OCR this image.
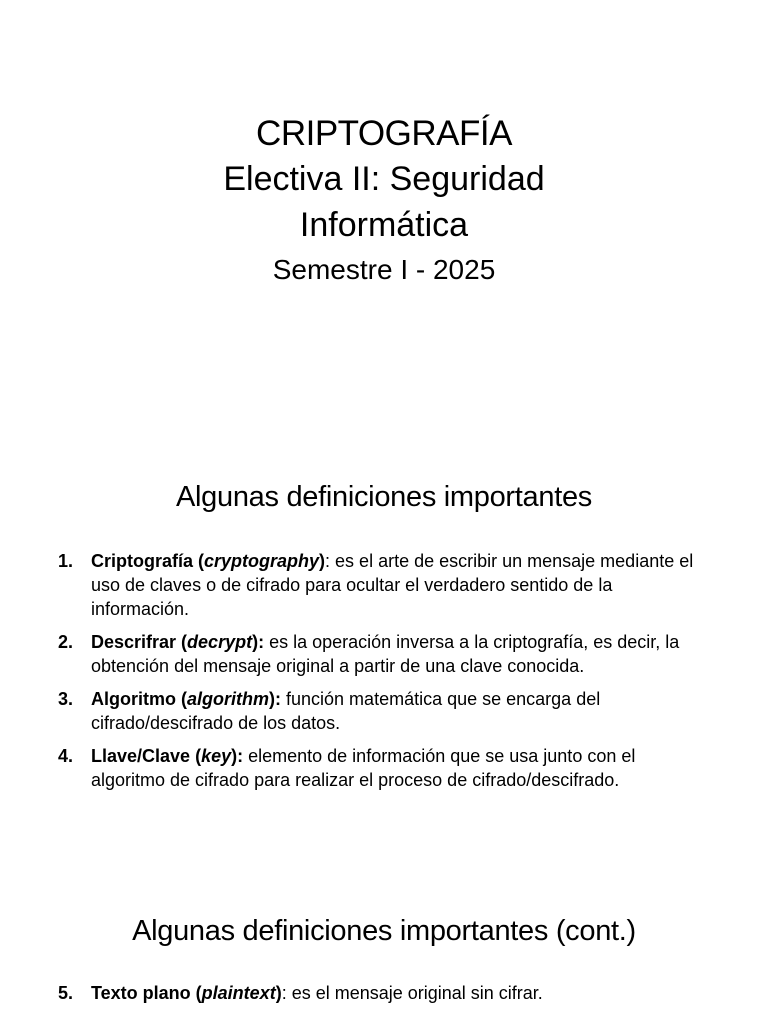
CRIPTOGRAFÍA
Electiva II: Seguridad
Informática
Semestre I - 2025
Algunas definiciones importantes
1. Criptografía (cryptography): es el arte de escribir un mensaje mediante el uso de claves o de cifrado para ocultar el verdadero sentido de la información.
2. Descrifrar (decrypt): es la operación inversa a la criptografía, es decir, la obtención del mensaje original a partir de una clave conocida.
3. Algoritmo (algorithm): función matemática que se encarga del cifrado/descifrado de los datos.
4. Llave/Clave (key): elemento de información que se usa junto con el algoritmo de cifrado para realizar el proceso de cifrado/descifrado.
Algunas definiciones importantes (cont.)
5. Texto plano (plaintext): es el mensaje original sin cifrar.
